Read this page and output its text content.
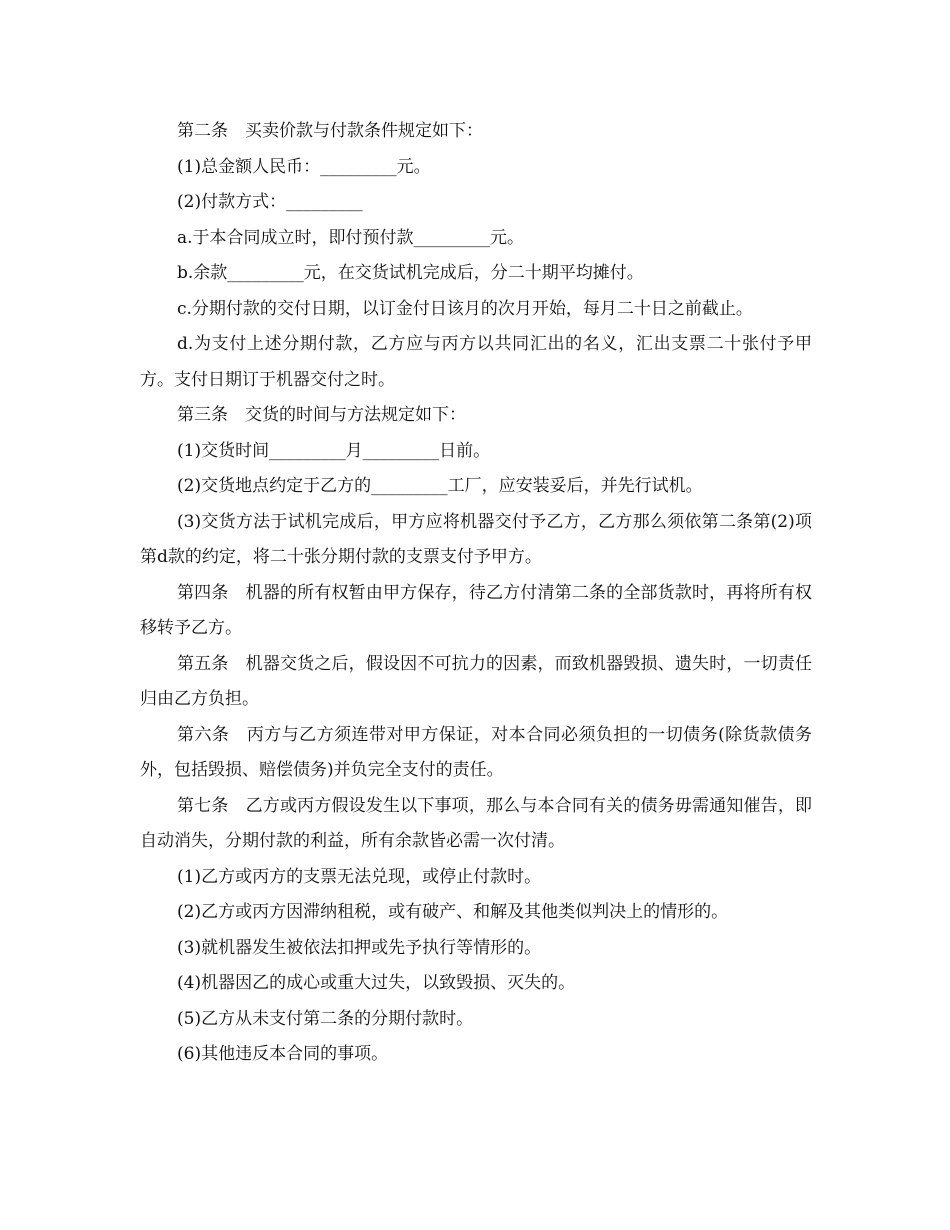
第二条　买卖价款与付款条件规定如下：

(1)总金额人民币：_________元。

(2)付款方式：_________

a.于本合同成立时，即付预付款_________元。

b.余款_________元，在交货试机完成后，分二十期平均摊付。

c.分期付款的交付日期，以订金付日该月的次月开始，每月二十日之前截止。

d.为支付上述分期付款，乙方应与丙方以共同汇出的名义，汇出支票二十张付予甲方。支付日期订于机器交付之时。

第三条　交货的时间与方法规定如下：

(1)交货时间_________月_________日前。

(2)交货地点约定于乙方的_________工厂，应安装妥后，并先行试机。

(3)交货方法于试机完成后，甲方应将机器交付予乙方，乙方那么须依第二条第(2)项第d款的约定，将二十张分期付款的支票支付予甲方。

第四条　机器的所有权暂由甲方保存，待乙方付清第二条的全部货款时，再将所有权移转予乙方。

第五条　机器交货之后，假设因不可抗力的因素，而致机器毁损、遗失时，一切责任归由乙方负担。

第六条　丙方与乙方须连带对甲方保证，对本合同必须负担的一切债务(除货款债务外，包括毁损、赔偿债务)并负完全支付的责任。

第七条　乙方或丙方假设发生以下事项，那么与本合同有关的债务毋需通知催告，即自动消失，分期付款的利益，所有余款皆必需一次付清。

(1)乙方或丙方的支票无法兑现，或停止付款时。

(2)乙方或丙方因滞纳租税，或有破产、和解及其他类似判决上的情形的。

(3)就机器发生被依法扣押或先予执行等情形的。

(4)机器因乙的成心或重大过失，以致毁损、灭失的。

(5)乙方从未支付第二条的分期付款时。

(6)其他违反本合同的事项。
